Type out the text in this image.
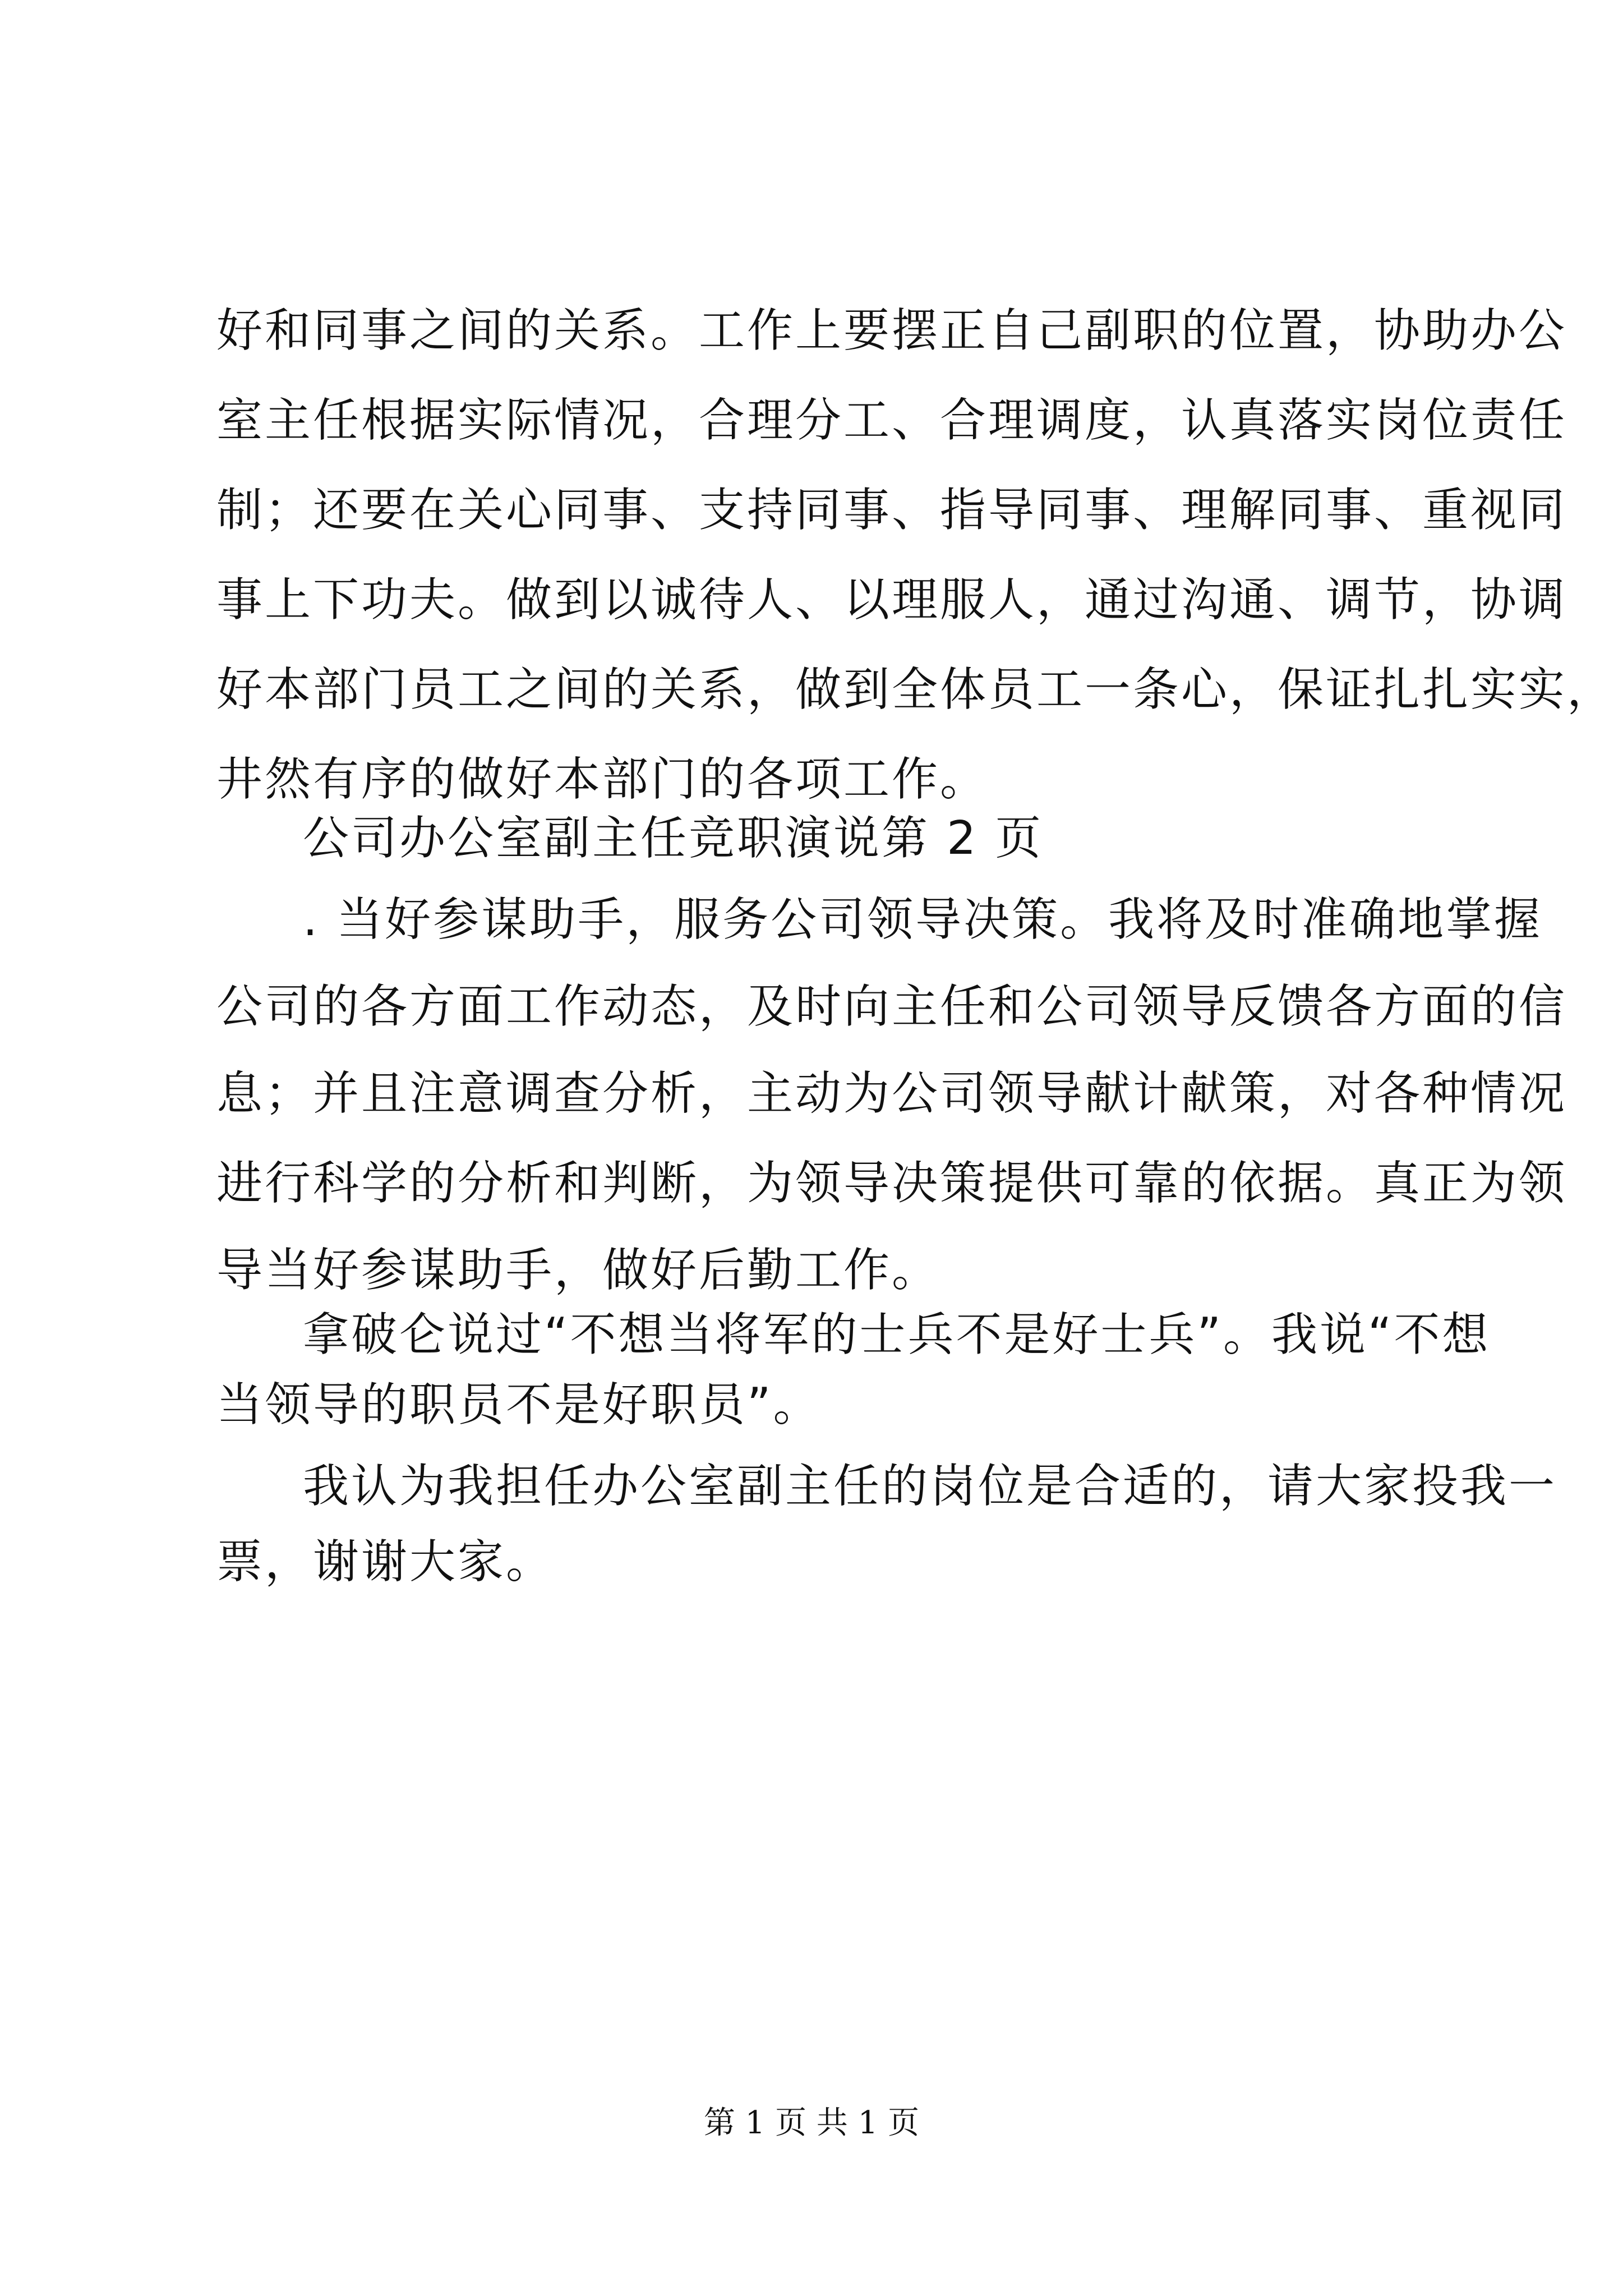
好和同事之间的关系。工作上要摆正自己副职的位置，协助办公
室主任根据实际情况，合理分工、合理调度，认真落实岗位责任
制；还要在关心同事、支持同事、指导同事、理解同事、重视同
事上下功夫。做到以诚待人、以理服人，通过沟通、调节，协调
好本部门员工之间的关系，做到全体员工一条心，保证扎扎实实，
井然有序的做好本部门的各项工作。
公司办公室副主任竞职演说第 2 页
. 当好参谋助手，服务公司领导决策。我将及时准确地掌握
公司的各方面工作动态，及时向主任和公司领导反馈各方面的信
息；并且注意调查分析，主动为公司领导献计献策，对各种情况
进行科学的分析和判断，为领导决策提供可靠的依据。真正为领
导当好参谋助手，做好后勤工作。
拿破仑说过“不想当将军的士兵不是好士兵”。我说“不想
当领导的职员不是好职员”。
我认为我担任办公室副主任的岗位是合适的，请大家投我一
票，谢谢大家。
第 1 页 共 1 页
